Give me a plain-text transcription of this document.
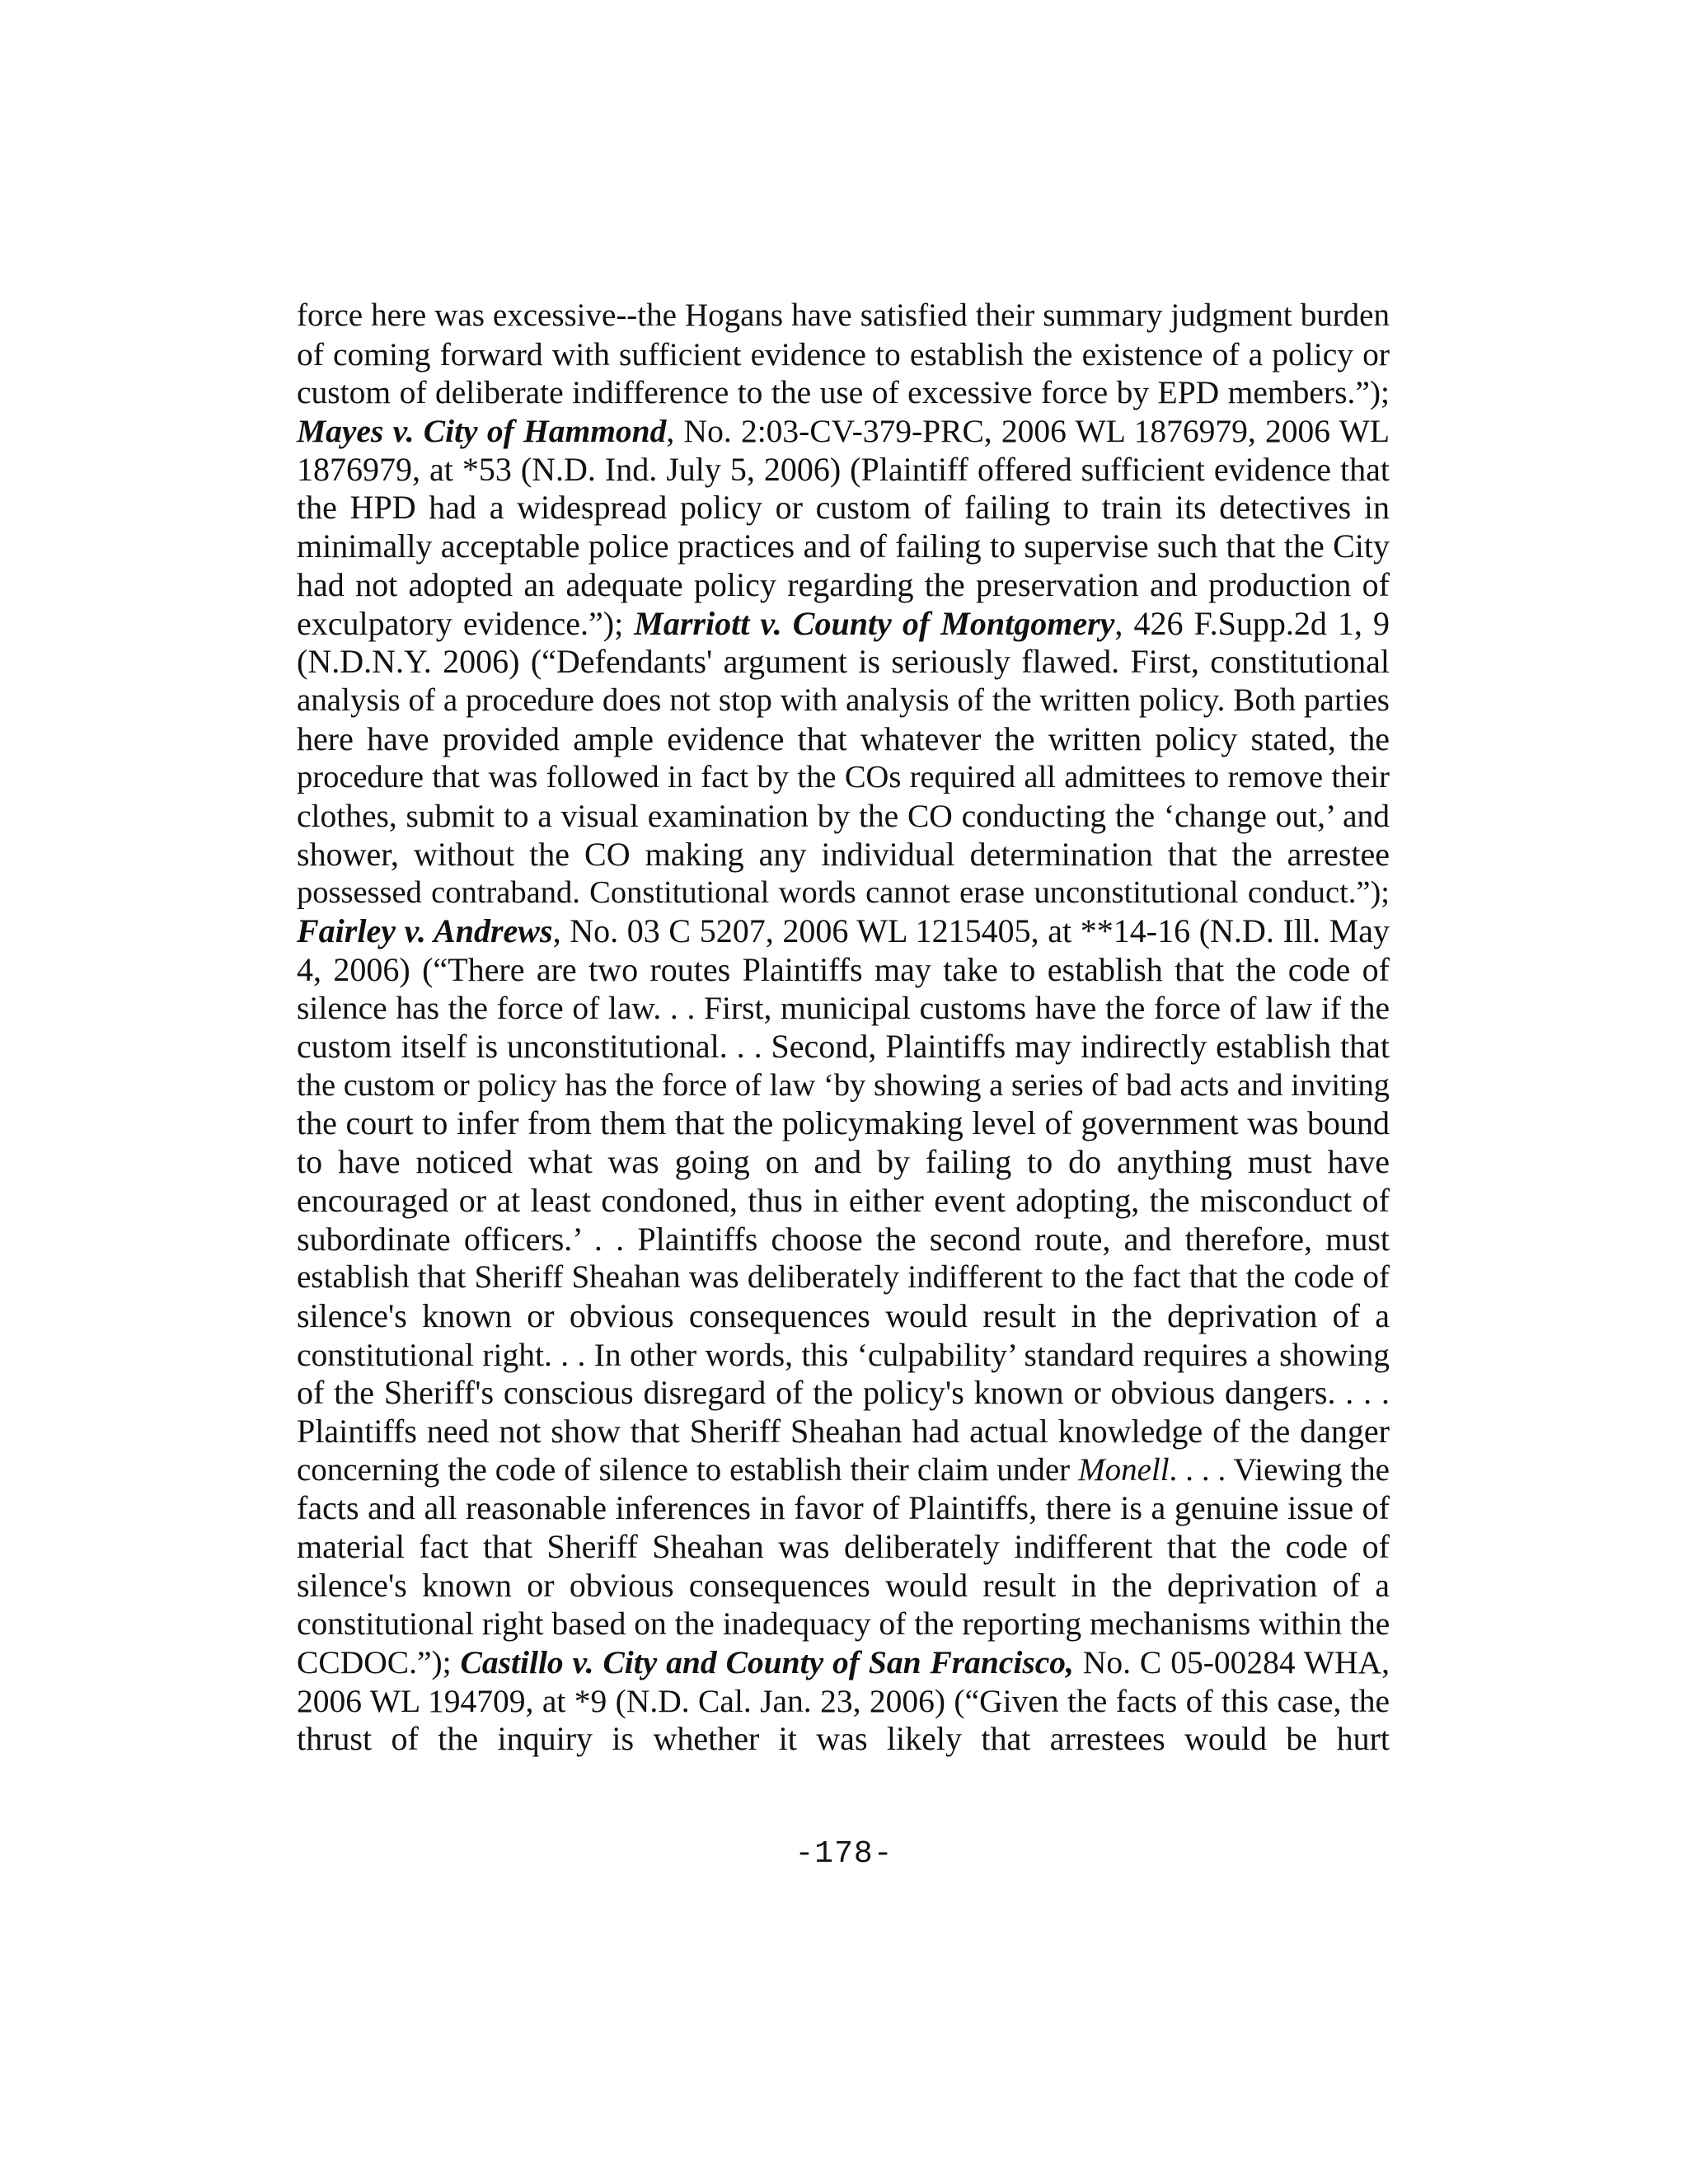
force here was excessive--the Hogans have satisfied their summary judgment burden
of coming forward with sufficient evidence to establish the existence of a policy or
custom of deliberate indifference to the use of excessive force by EPD members.”);
Mayes v. City of Hammond, No. 2:03-CV-379-PRC, 2006 WL 1876979, 2006 WL
1876979, at *53 (N.D. Ind. July 5, 2006) (Plaintiff offered sufficient evidence that
the HPD had a widespread policy or custom of failing to train its detectives in
minimally acceptable police practices and of failing to supervise such that the City
had not adopted an adequate policy regarding the preservation and production of
exculpatory evidence.”); Marriott v. County of Montgomery, 426 F.Supp.2d 1, 9
(N.D.N.Y. 2006) (“Defendants' argument is seriously flawed. First, constitutional
analysis of a procedure does not stop with analysis of the written policy. Both parties
here have provided ample evidence that whatever the written policy stated, the
procedure that was followed in fact by the COs required all admittees to remove their
clothes, submit to a visual examination by the CO conducting the ‘change out,’ and
shower, without the CO making any individual determination that the arrestee
possessed contraband. Constitutional words cannot erase unconstitutional conduct.”);
Fairley v. Andrews, No. 03 C 5207, 2006 WL 1215405, at **14-16 (N.D. Ill. May
4, 2006) (“There are two routes Plaintiffs may take to establish that the code of
silence has the force of law. . . First, municipal customs have the force of law if the
custom itself is unconstitutional. . . Second, Plaintiffs may indirectly establish that
the custom or policy has the force of law ‘by showing a series of bad acts and inviting
the court to infer from them that the policymaking level of government was bound
to have noticed what was going on and by failing to do anything must have
encouraged or at least condoned, thus in either event adopting, the misconduct of
subordinate officers.’ . . Plaintiffs choose the second route, and therefore, must
establish that Sheriff Sheahan was deliberately indifferent to the fact that the code of
silence's known or obvious consequences would result in the deprivation of a
constitutional right. . . In other words, this ‘culpability’ standard requires a showing
of the Sheriff's conscious disregard of the policy's known or obvious dangers. . . .
Plaintiffs need not show that Sheriff Sheahan had actual knowledge of the danger
concerning the code of silence to establish their claim under Monell. . . . Viewing the
facts and all reasonable inferences in favor of Plaintiffs, there is a genuine issue of
material fact that Sheriff Sheahan was deliberately indifferent that the code of
silence's known or obvious consequences would result in the deprivation of a
constitutional right based on the inadequacy of the reporting mechanisms within the
CCDOC.”); Castillo v. City and County of San Francisco, No. C 05-00284 WHA,
2006 WL 194709, at *9 (N.D. Cal. Jan. 23, 2006) (“Given the facts of this case, the
thrust of the inquiry is whether it was likely that arrestees would be hurt
-178-
